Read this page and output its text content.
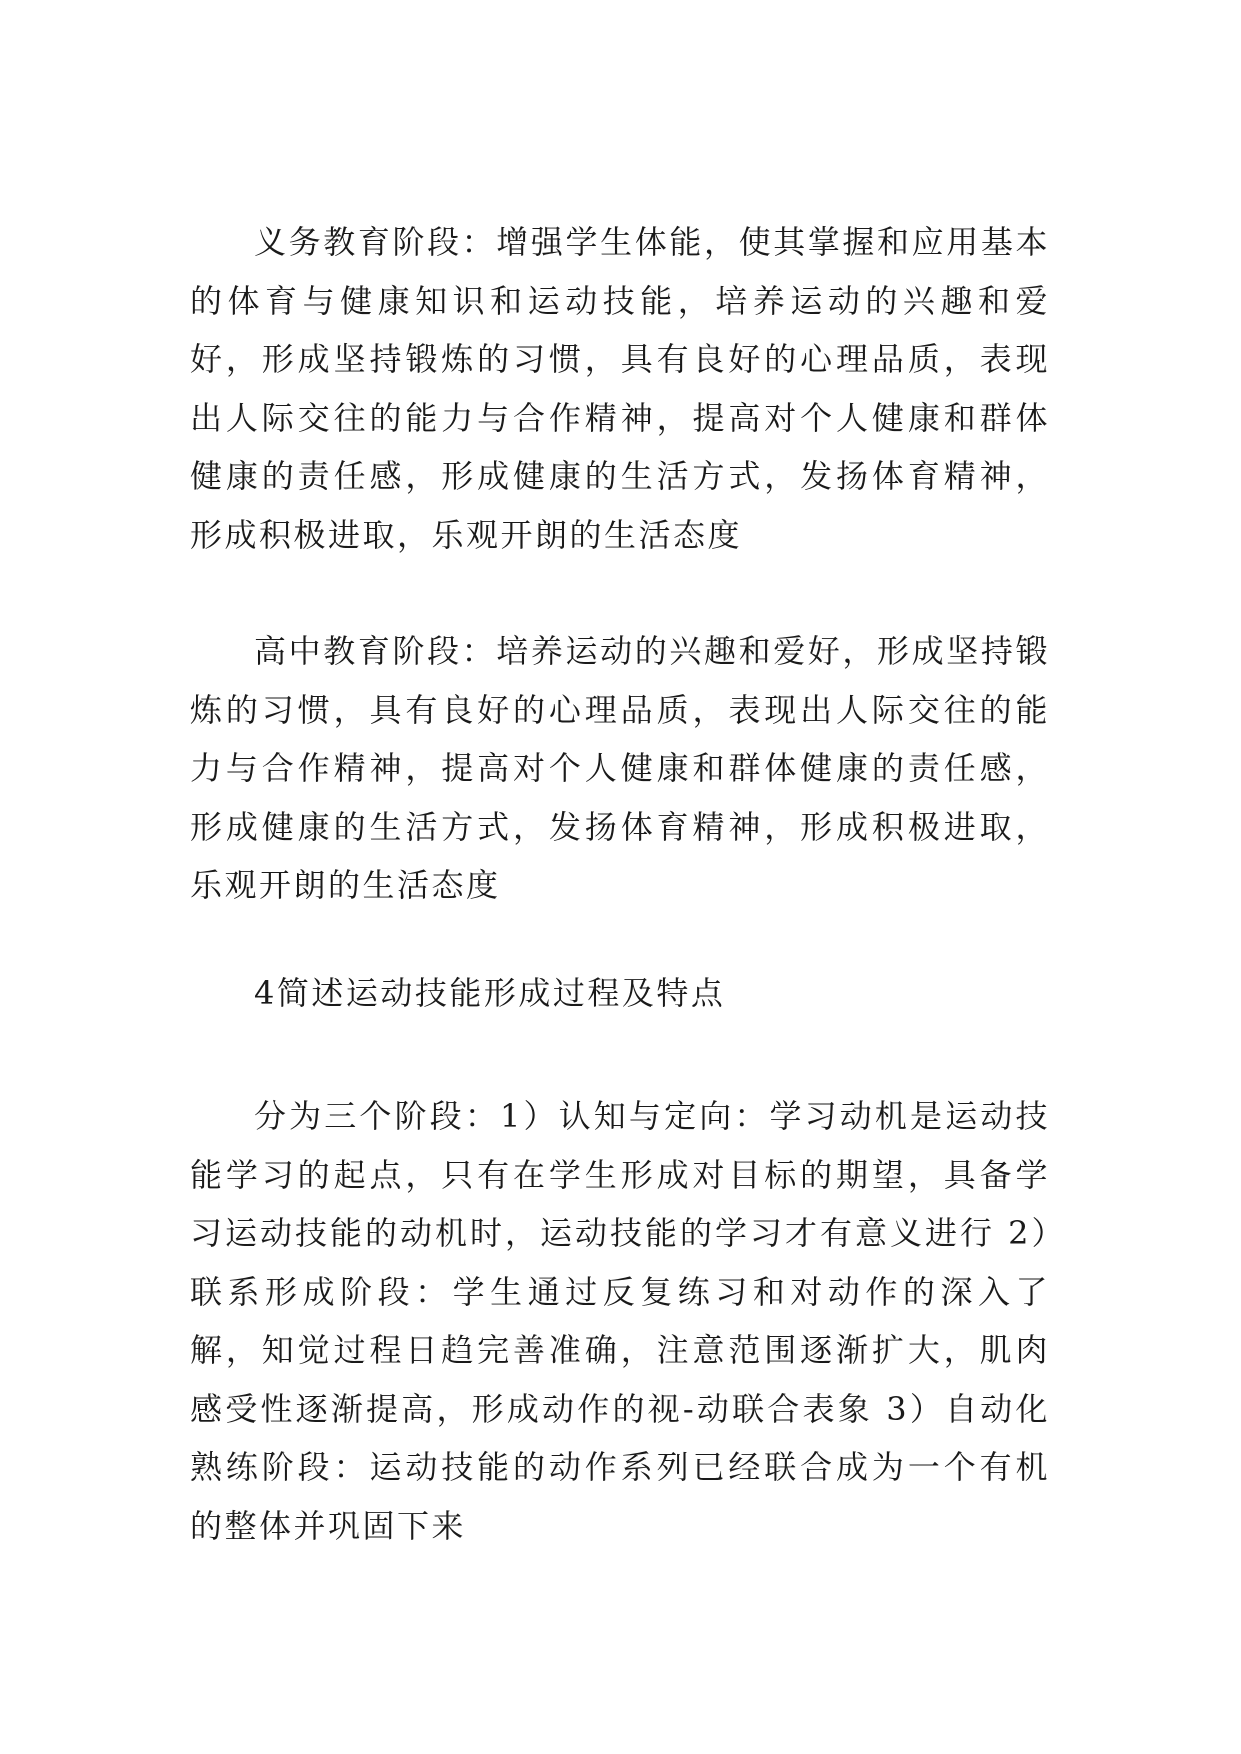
义务教育阶段：增强学生体能，使其掌握和应用基本的体育与健康知识和运动技能，培养运动的兴趣和爱好，形成坚持锻炼的习惯，具有良好的心理品质，表现出人际交往的能力与合作精神，提高对个人健康和群体健康的责任感，形成健康的生活方式，发扬体育精神，形成积极进取，乐观开朗的生活态度

高中教育阶段：培养运动的兴趣和爱好，形成坚持锻炼的习惯，具有良好的心理品质，表现出人际交往的能力与合作精神，提高对个人健康和群体健康的责任感，形成健康的生活方式，发扬体育精神，形成积极进取，乐观开朗的生活态度

4简述运动技能形成过程及特点

分为三个阶段：1）认知与定向：学习动机是运动技能学习的起点，只有在学生形成对目标的期望，具备学习运动技能的动机时，运动技能的学习才有意义进行 2）联系形成阶段：学生通过反复练习和对动作的深入了解，知觉过程日趋完善准确，注意范围逐渐扩大，肌肉感受性逐渐提高，形成动作的视-动联合表象 3）自动化熟练阶段：运动技能的动作系列已经联合成为一个有机的整体并巩固下来
